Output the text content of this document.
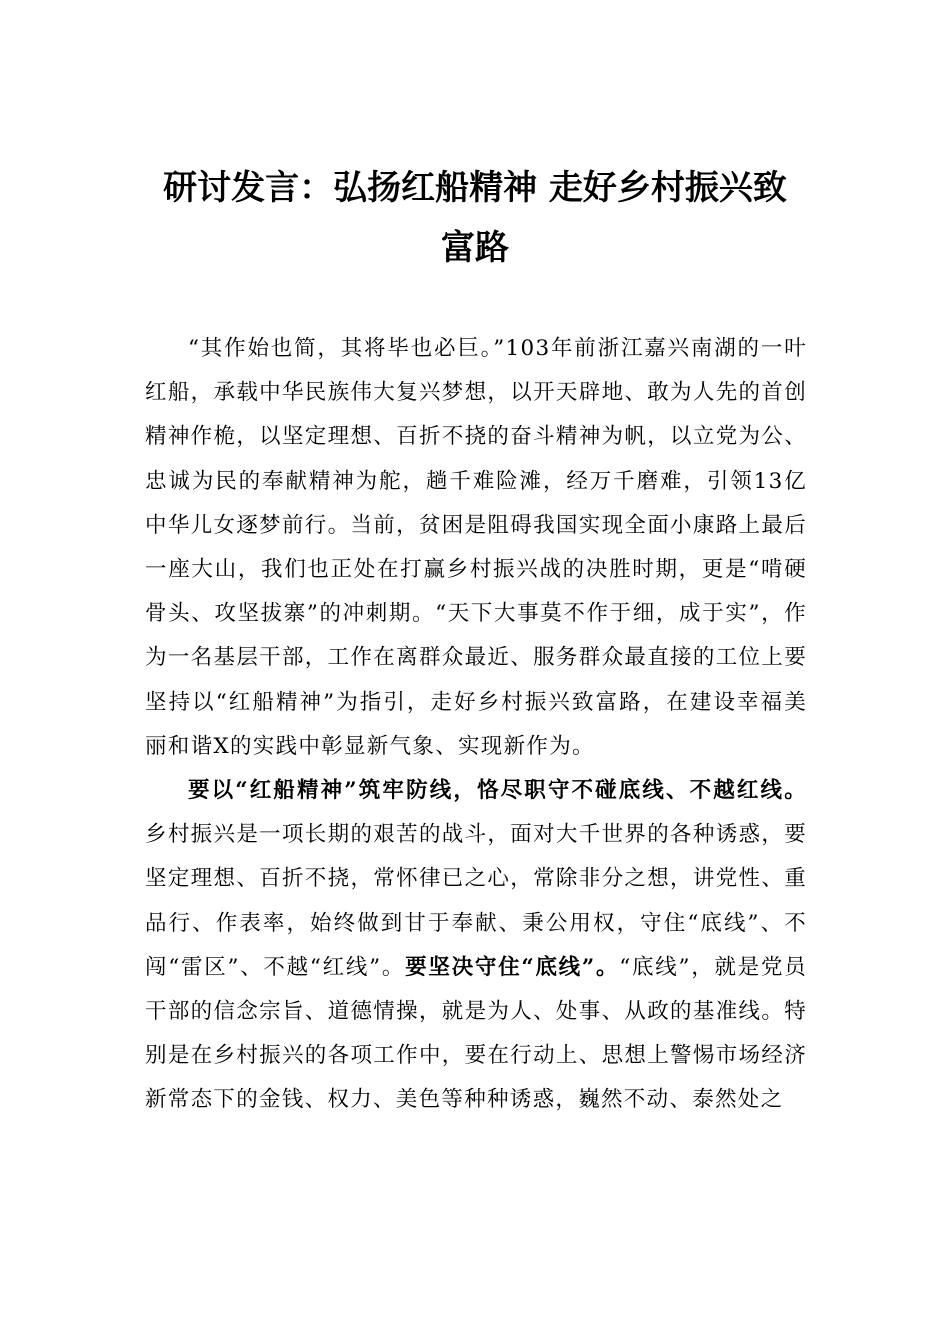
研讨发言：弘扬红船精神 走好乡村振兴致
富路

“其作始也简，其将毕也必巨。”103年前浙江嘉兴南湖的一叶红船，承载中华民族伟大复兴梦想，以开天辟地、敢为人先的首创精神作桅，以坚定理想、百折不挠的奋斗精神为帆，以立党为公、忠诚为民的奉献精神为舵，趟千难险滩，经万千磨难，引领13亿中华儿女逐梦前行。当前，贫困是阻碍我国实现全面小康路上最后一座大山，我们也正处在打赢乡村振兴战的决胜时期，更是“啃硬骨头、攻坚拔寨”的冲刺期。“天下大事莫不作于细，成于实”，作为一名基层干部，工作在离群众最近、服务群众最直接的工位上要坚持以“红船精神”为指引，走好乡村振兴致富路，在建设幸福美丽和谐X的实践中彰显新气象、实现新作为。

要以“红船精神”筑牢防线，恪尽职守不碰底线、不越红线。乡村振兴是一项长期的艰苦的战斗，面对大千世界的各种诱惑，要坚定理想、百折不挠，常怀律已之心，常除非分之想，讲党性、重品行、作表率，始终做到甘于奉献、秉公用权，守住“底线”、不闯“雷区”、不越“红线”。要坚决守住“底线”。“底线”，就是党员干部的信念宗旨、道德情操，就是为人、处事、从政的基准线。特别是在乡村振兴的各项工作中，要在行动上、思想上警惕市场经济新常态下的金钱、权力、美色等种种诱惑，巍然不动、泰然处之
